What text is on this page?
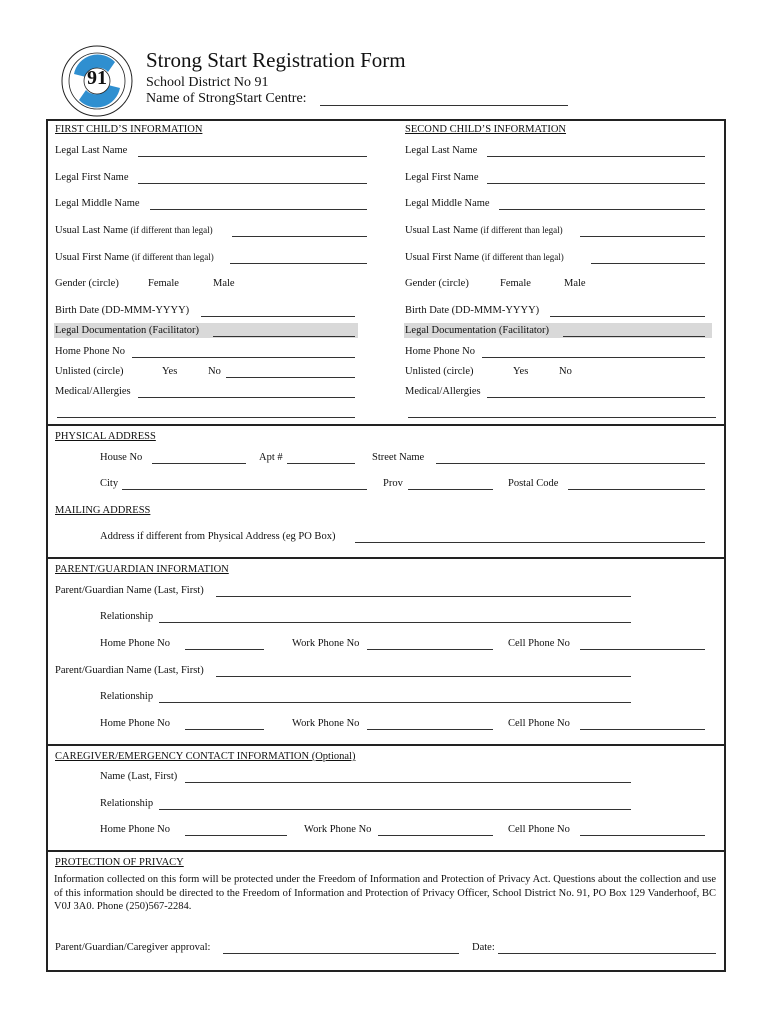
91
Strong Start Registration Form
School District No 91
Name of StrongStart Centre:
FIRST CHILD’S INFORMATION
Legal Last Name
Legal First Name
Legal Middle Name
Usual Last Name (if different than legal)
Usual First Name (if different than legal)
Gender (circle)	Female	Male
Birth Date (DD-MMM-YYYY)
Legal Documentation (Facilitator)
Home Phone No
Unlisted (circle)	Yes	No
Medical/Allergies
SECOND CHILD’S INFORMATION
Legal Last Name
Legal First Name
Legal Middle Name
Usual Last Name (if different than legal)
Usual First Name (if different than legal)
Gender (circle)	Female	Male
Birth Date (DD-MMM-YYYY)
Legal Documentation (Facilitator)
Home Phone No
Unlisted (circle)	Yes	No
Medical/Allergies
PHYSICAL ADDRESS
House No	Apt #	Street Name
City	Prov	Postal Code
MAILING ADDRESS
Address if different from Physical Address (eg PO Box)
PARENT/GUARDIAN INFORMATION
Parent/Guardian Name (Last, First)
Relationship
Home Phone No	Work Phone No	Cell Phone No
Parent/Guardian Name (Last, First)
Relationship
Home Phone No	Work Phone No	Cell Phone No
CAREGIVER/EMERGENCY CONTACT INFORMATION (Optional)
Name (Last, First)
Relationship
Home Phone No	Work Phone No	Cell Phone No
PROTECTION OF PRIVACY
Information collected on this form will be protected under the Freedom of Information and Protection of Privacy Act. Questions about the collection and use of this information should be directed to the Freedom of Information and Protection of Privacy Officer, School District No. 91, PO Box 129 Vanderhoof, BC V0J 3A0. Phone (250)567-2284.
Parent/Guardian/Caregiver approval:	Date:
